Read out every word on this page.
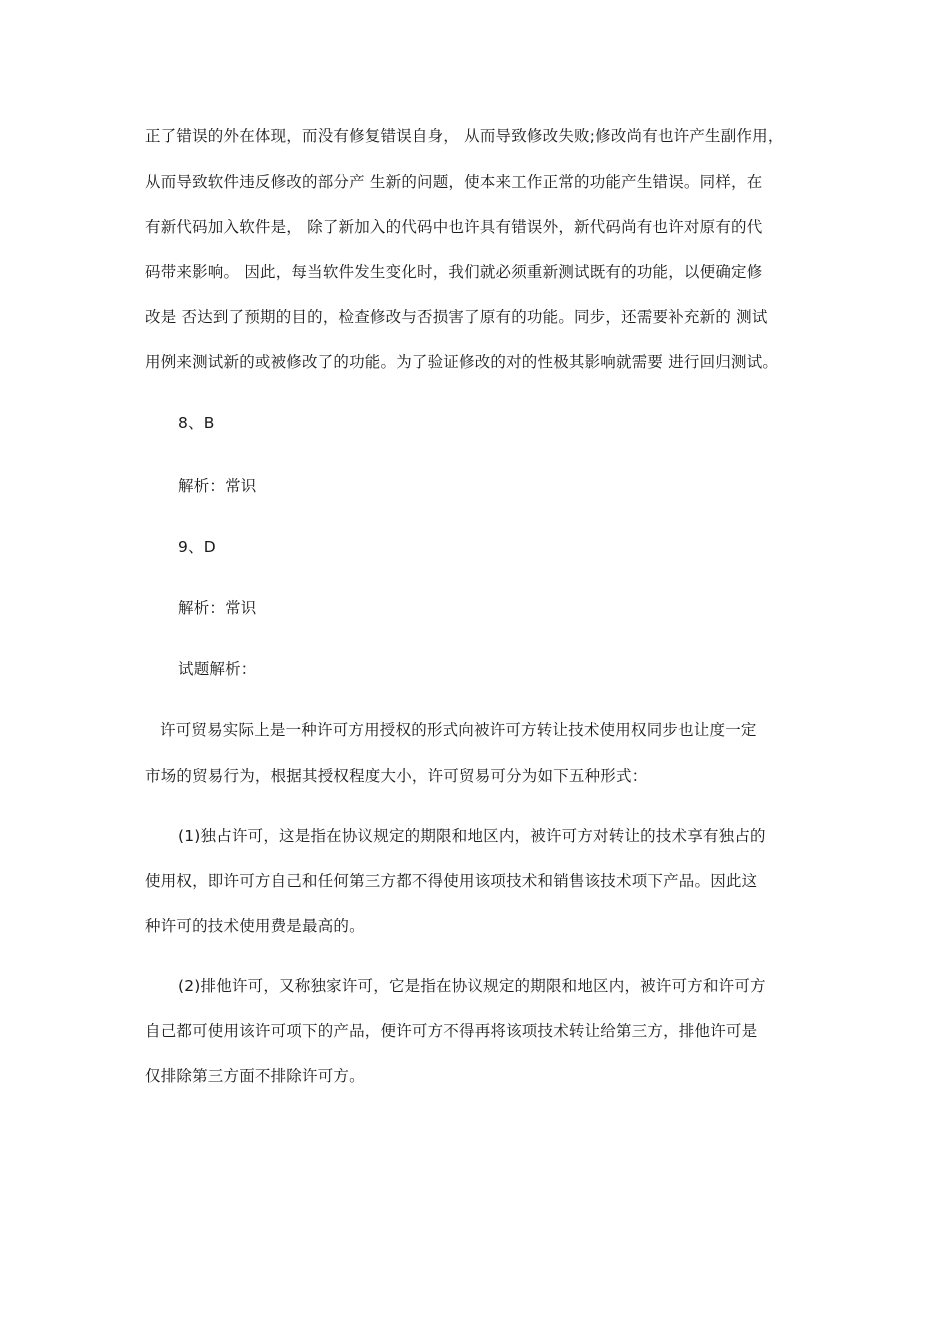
正了错误的外在体现，而没有修复错误自身， 从而导致修改失败;修改尚有也许产生副作用，
从而导致软件违反修改的部分产 生新的问题，使本来工作正常的功能产生错误。同样，在
有新代码加入软件是， 除了新加入的代码中也许具有错误外，新代码尚有也许对原有的代
码带来影响。 因此，每当软件发生变化时，我们就必须重新测试既有的功能，以便确定修
改是 否达到了预期的目的，检查修改与否损害了原有的功能。同步，还需要补充新的 测试
用例来测试新的或被修改了的功能。为了验证修改的对的性极其影响就需要 进行回归测试。
8、B
解析：常识
9、D
解析：常识
试题解析：
许可贸易实际上是一种许可方用授权的形式向被许可方转让技术使用权同步也让度一定
市场的贸易行为，根据其授权程度大小，许可贸易可分为如下五种形式：
(1)独占许可，这是指在协议规定的期限和地区内，被许可方对转让的技术享有独占的
使用权，即许可方自己和任何第三方都不得使用该项技术和销售该技术项下产品。因此这
种许可的技术使用费是最高的。
(2)排他许可，又称独家许可，它是指在协议规定的期限和地区内，被许可方和许可方
自己都可使用该许可项下的产品，便许可方不得再将该项技术转让给第三方，排他许可是
仅排除第三方面不排除许可方。
